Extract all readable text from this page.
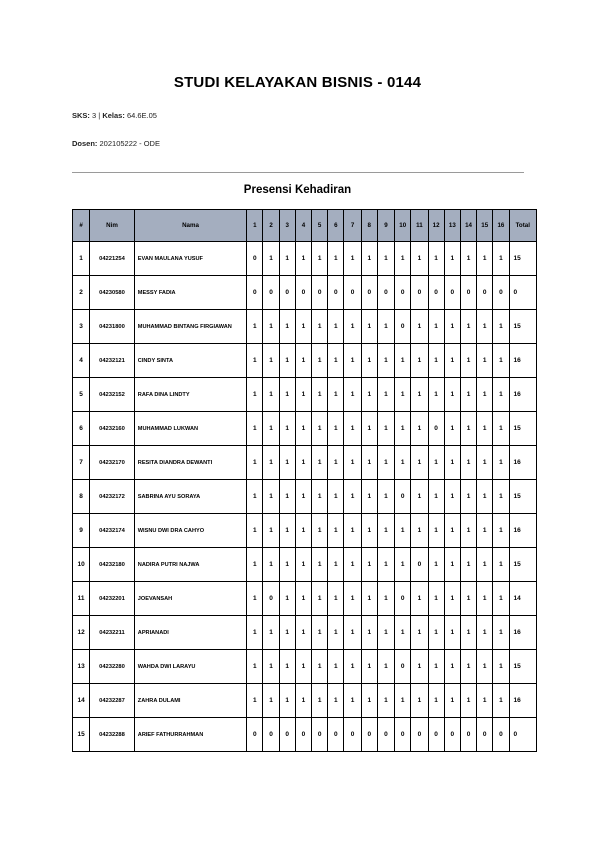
STUDI KELAYAKAN BISNIS - 0144
SKS: 3 | Kelas: 64.6E.05
Dosen: 202105222 - ODE
Presensi Kehadiran
#	Nim	Nama	1	2	3	4	5	6	7	8	9	10	11	12	13	14	15	16	Total
1	04221254	EVAN MAULANA YUSUF	0	1	1	1	1	1	1	1	1	1	1	1	1	1	1	1	15
2	04230580	MESSY FADIA	0	0	0	0	0	0	0	0	0	0	0	0	0	0	0	0	0
3	04231800	MUHAMMAD BINTANG FIRGIAWAN	1	1	1	1	1	1	1	1	1	0	1	1	1	1	1	1	15
4	04232121	CINDY SINTA	1	1	1	1	1	1	1	1	1	1	1	1	1	1	1	1	16
5	04232152	RAFA DINA LINDTY	1	1	1	1	1	1	1	1	1	1	1	1	1	1	1	1	16
6	04232160	MUHAMMAD LUKWAN	1	1	1	1	1	1	1	1	1	1	1	0	1	1	1	1	15
7	04232170	RESITA DIANDRA DEWANTI	1	1	1	1	1	1	1	1	1	1	1	1	1	1	1	1	16
8	04232172	SABRINA AYU SORAYA	1	1	1	1	1	1	1	1	1	0	1	1	1	1	1	1	15
9	04232174	WISNU DWI DRA CAHYO	1	1	1	1	1	1	1	1	1	1	1	1	1	1	1	1	16
10	04232180	NADIRA PUTRI NAJWA	1	1	1	1	1	1	1	1	1	1	0	1	1	1	1	1	15
11	04232201	JOEVANSAH	1	0	1	1	1	1	1	1	1	0	1	1	1	1	1	1	14
12	04232211	APRIANADI	1	1	1	1	1	1	1	1	1	1	1	1	1	1	1	1	16
13	04232280	WAHDA DWI LARAYU	1	1	1	1	1	1	1	1	1	0	1	1	1	1	1	1	15
14	04232287	ZAHRA DULAMI	1	1	1	1	1	1	1	1	1	1	1	1	1	1	1	1	16
15	04232288	ARIEF FATHURRAHMAN	0	0	0	0	0	0	0	0	0	0	0	0	0	0	0	0	0
